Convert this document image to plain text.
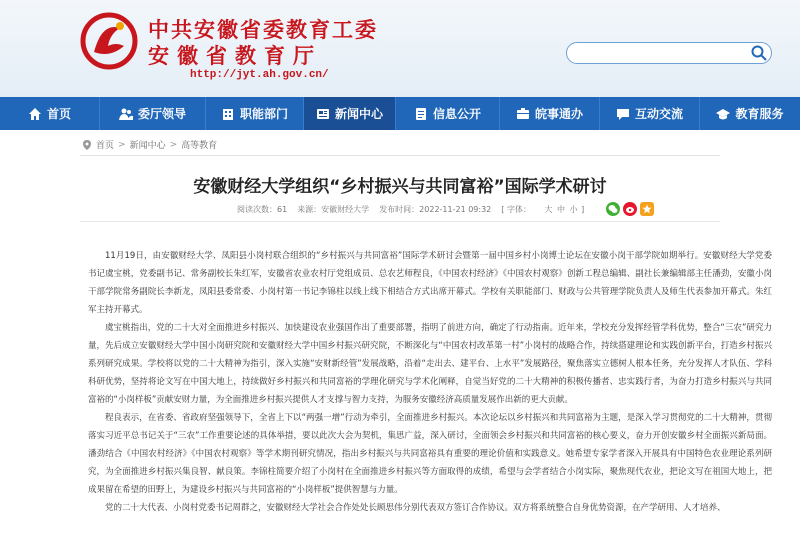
中共安徽省委教育工委
安徽省教育厅
http://jyt.ah.gov.cn/
首页	委厅领导	职能部门	新闻中心	信息公开	皖事通办	互动交流	教育服务
首页 > 新闻中心 > 高等教育
安徽财经大学组织“乡村振兴与共同富裕”国际学术研讨
阅读次数：61 来源：安徽财经大学 发布时间：2022-11-21 09:32 [ 字体： 大 中 小 ]

11月19日，由安徽财经大学、凤阳县小岗村联合组织的“乡村振兴与共同富裕”国际学术研讨会暨第一届中国乡村小岗博士论坛在安徽小岗干部学院如期举行。安徽财经大学党委书记虞宝桃，党委副书记、常务副校长朱红军，安徽省农业农村厅党组成员、总农艺师程良，《中国农村经济》《中国农村观察》创新工程总编辑、副社长兼编辑部主任潘劲，安徽小岗干部学院常务副院长李新龙，凤阳县委常委、小岗村第一书记李锦柱以线上线下相结合方式出席开幕式。学校有关职能部门、财政与公共管理学院负责人及师生代表参加开幕式。朱红军主持开幕式。

虞宝桃指出，党的二十大对全面推进乡村振兴、加快建设农业强国作出了重要部署，指明了前进方向，确定了行动指南。近年来，学校充分发挥经管学科优势，整合“三农”研究力量，先后成立安徽财经大学中国小岗研究院和安徽财经大学中国乡村振兴研究院，不断深化与“中国农村改革第一村”小岗村的战略合作，持续搭建理论和实践创新平台，打造乡村振兴系列研究成果。学校将以党的二十大精神为指引，深入实施“安财新经管”发展战略，沿着“走出去、建平台、上水平”发展路径，聚焦落实立德树人根本任务，充分发挥人才队伍、学科科研优势，坚持将论文写在中国大地上，持续做好乡村振兴和共同富裕的学理化研究与学术化阐释，自觉当好党的二十大精神的积极传播者、忠实践行者，为奋力打造乡村振兴与共同富裕的“小岗样板”贡献安财力量，为全面推进乡村振兴提供人才支撑与智力支持，为服务安徽经济高质量发展作出新的更大贡献。

程良表示，在省委、省政府坚强领导下，全省上下以“两强一增”行动为牵引，全面推进乡村振兴。本次论坛以乡村振兴和共同富裕为主题，是深入学习贯彻党的二十大精神，贯彻落实习近平总书记关于“三农”工作重要论述的具体举措，要以此次大会为契机，集思广益，深入研讨，全面领会乡村振兴和共同富裕的核心要义，奋力开创安徽乡村全面振兴新局面。潘劲结合《中国农村经济》《中国农村观察》等学术期刊研究情况，指出乡村振兴与共同富裕具有重要的理论价值和实践意义。她希望专家学者深入开展具有中国特色农业理论系列研究，为全面推进乡村振兴集良智、献良策。李锦柱简要介绍了小岗村在全面推进乡村振兴等方面取得的成绩，希望与会学者结合小岗实际，聚焦现代农业，把论文写在祖国大地上，把成果留在希望的田野上，为建设乡村振兴与共同富裕的“小岗样板”提供智慧与力量。

党的二十大代表、小岗村党委书记周群之，安徽财经大学社会合作处处长顾思伟分别代表双方签订合作协议。双方将系统整合自身优势资源，在产学研用、人才培养、
